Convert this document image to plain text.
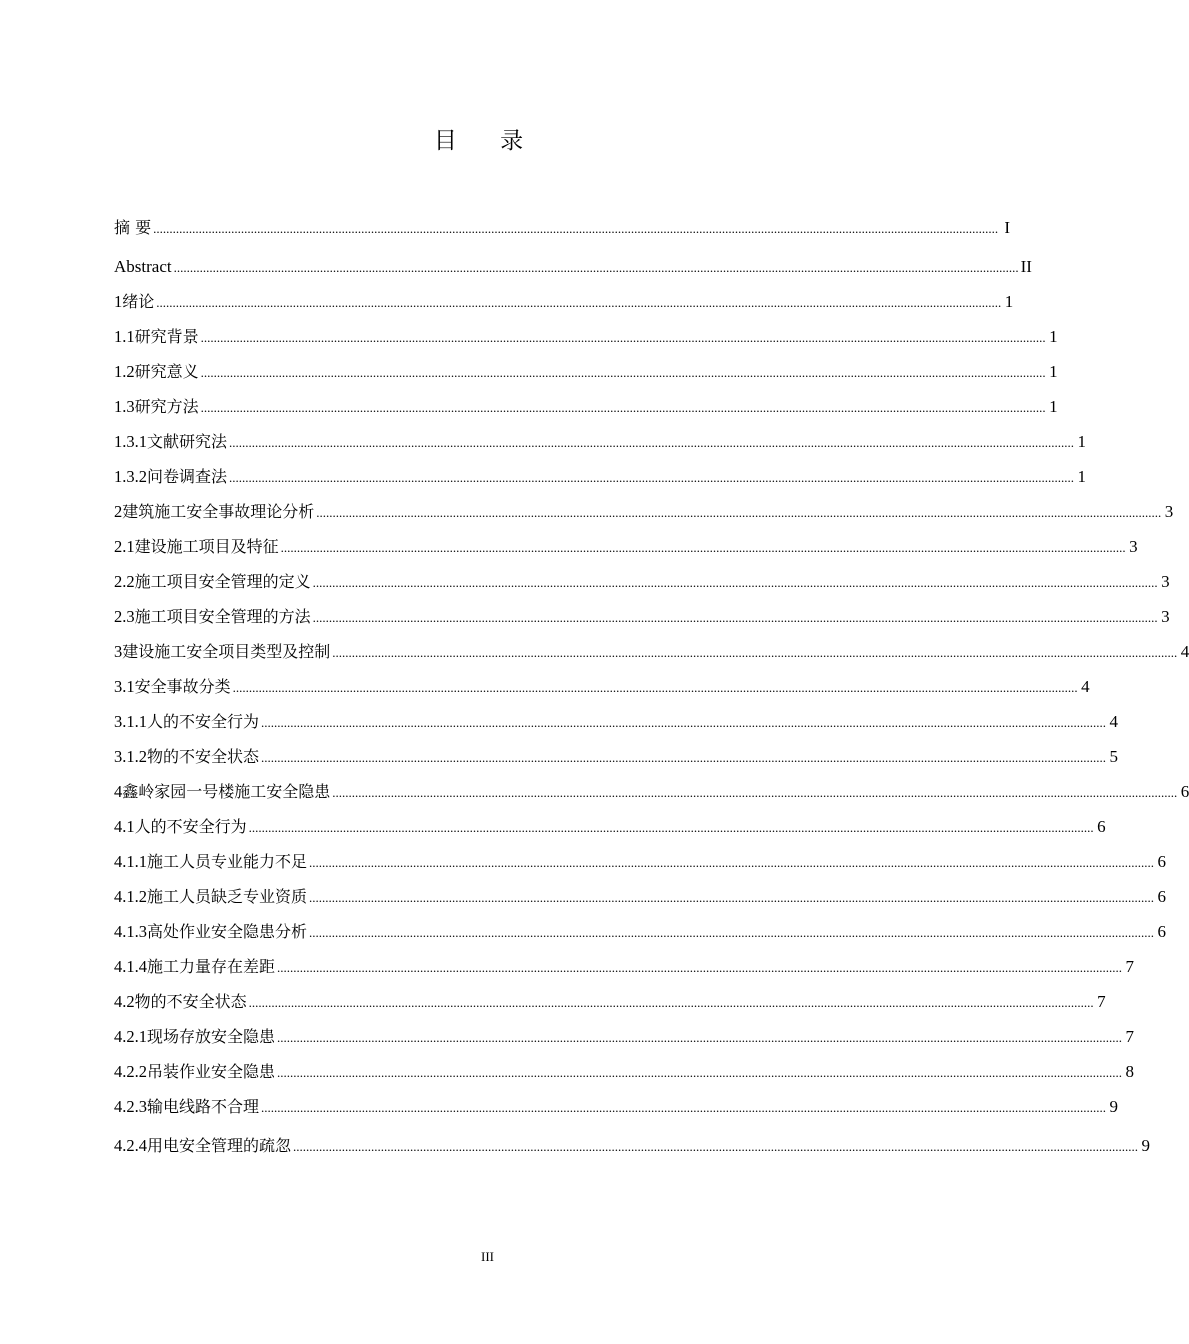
目 录
摘 要 .................................................................................................................................................................................................................................................................... I
Abstract .................................................................................................................................................................................................................................................................... II
1 绪论 .................................................................................................................................................................................................................................................................... 1
1.1 研究背景 .................................................................................................................................................................................................................................................................... 1
1.2 研究意义 .................................................................................................................................................................................................................................................................... 1
1.3 研究方法 .................................................................................................................................................................................................................................................................... 1
1.3.1 文献研究法 .................................................................................................................................................................................................................................................................... 1
1.3.2 问卷调查法 .................................................................................................................................................................................................................................................................... 1
2 建筑施工安全事故理论分析 .................................................................................................................................................................................................................................................................... 3
2.1 建设施工项目及特征 .................................................................................................................................................................................................................................................................... 3
2.2 施工项目安全管理的定义 .................................................................................................................................................................................................................................................................... 3
2.3 施工项目安全管理的方法 .................................................................................................................................................................................................................................................................... 3
3 建设施工安全项目类型及控制 .................................................................................................................................................................................................................................................................... 4
3.1 安全事故分类 .................................................................................................................................................................................................................................................................... 4
3.1.1 人的不安全行为 .................................................................................................................................................................................................................................................................... 4
3.1.2 物的不安全状态 .................................................................................................................................................................................................................................................................... 5
4 鑫岭家园一号楼施工安全隐患 .................................................................................................................................................................................................................................................................... 6
4.1 人的不安全行为 .................................................................................................................................................................................................................................................................... 6
4.1.1 施工人员专业能力不足 .................................................................................................................................................................................................................................................................... 6
4.1.2 施工人员缺乏专业资质 .................................................................................................................................................................................................................................................................... 6
4.1.3 高处作业安全隐患分析 .................................................................................................................................................................................................................................................................... 6
4.1.4 施工力量存在差距 .................................................................................................................................................................................................................................................................... 7
4.2 物的不安全状态 .................................................................................................................................................................................................................................................................... 7
4.2.1 现场存放安全隐患 .................................................................................................................................................................................................................................................................... 7
4.2.2 吊装作业安全隐患 .................................................................................................................................................................................................................................................................... 8
4.2.3 输电线路不合理 .................................................................................................................................................................................................................................................................... 9
4.2.4 用电安全管理的疏忽 .................................................................................................................................................................................................................................................................... 9
III
